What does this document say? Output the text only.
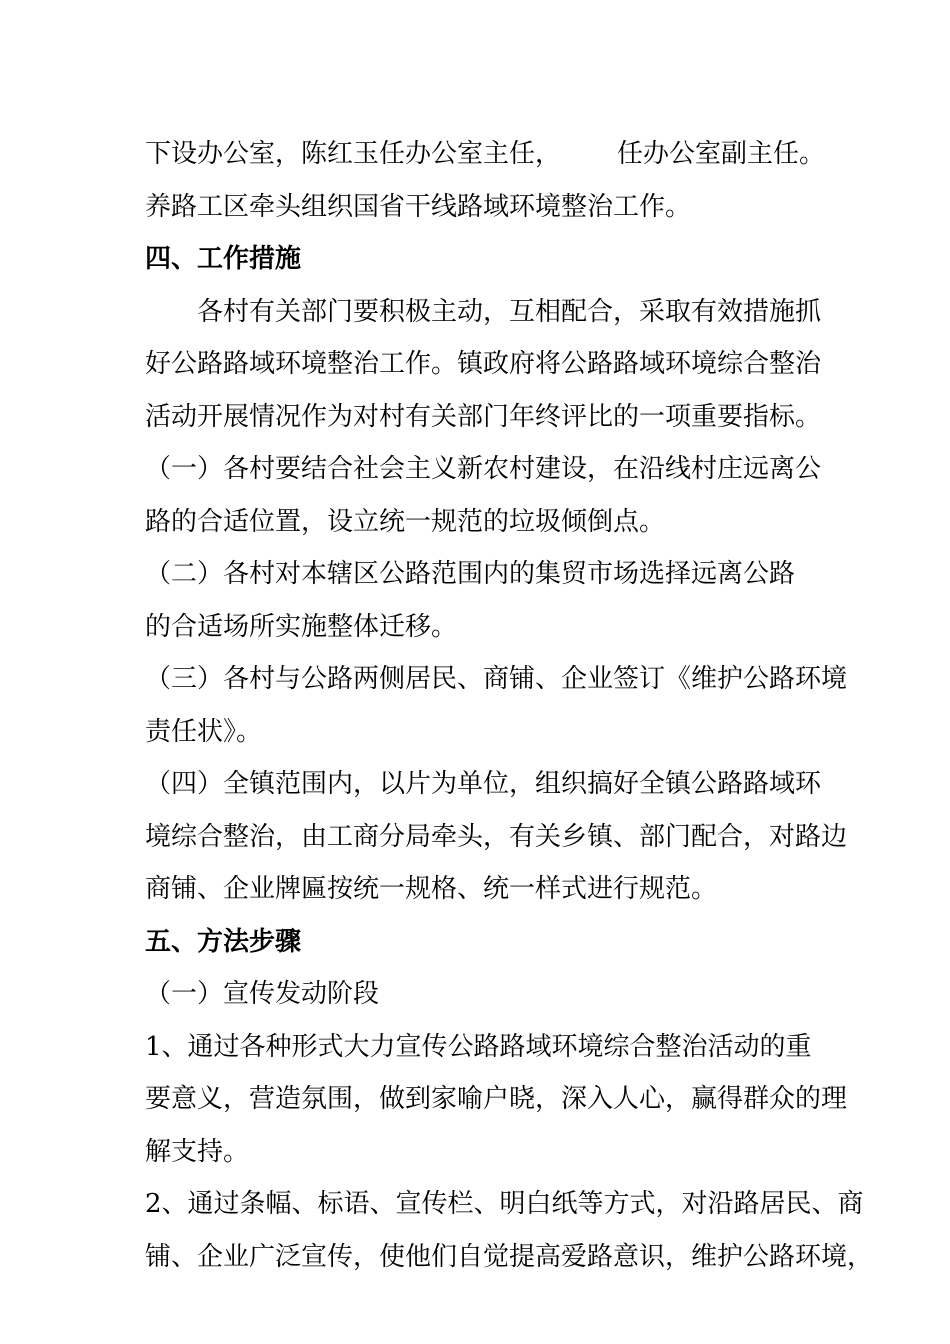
下设办公室，陈红玉任办公室主任， 任办公室副主任。
养路工区牵头组织国省干线路域环境整治工作。
四、工作措施
各村有关部门要积极主动，互相配合，采取有效措施抓
好公路路域环境整治工作。镇政府将公路路域环境综合整治
活动开展情况作为对村有关部门年终评比的一项重要指标。
（一）各村要结合社会主义新农村建设，在沿线村庄远离公
路的合适位置，设立统一规范的垃圾倾倒点。
（二）各村对本辖区公路范围内的集贸市场选择远离公路
的合适场所实施整体迁移。
（三）各村与公路两侧居民、商铺、企业签订《维护公路环境
责任状》。
（四）全镇范围内，以片为单位，组织搞好全镇公路路域环
境综合整治，由工商分局牵头，有关乡镇、部门配合，对路边
商铺、企业牌匾按统一规格、统一样式进行规范。
五、方法步骤
（一）宣传发动阶段
1、通过各种形式大力宣传公路路域环境综合整治活动的重
要意义，营造氛围，做到家喻户晓，深入人心，赢得群众的理
解支持。
2、通过条幅、标语、宣传栏、明白纸等方式，对沿路居民、商
铺、企业广泛宣传，使他们自觉提高爱路意识，维护公路环境，
